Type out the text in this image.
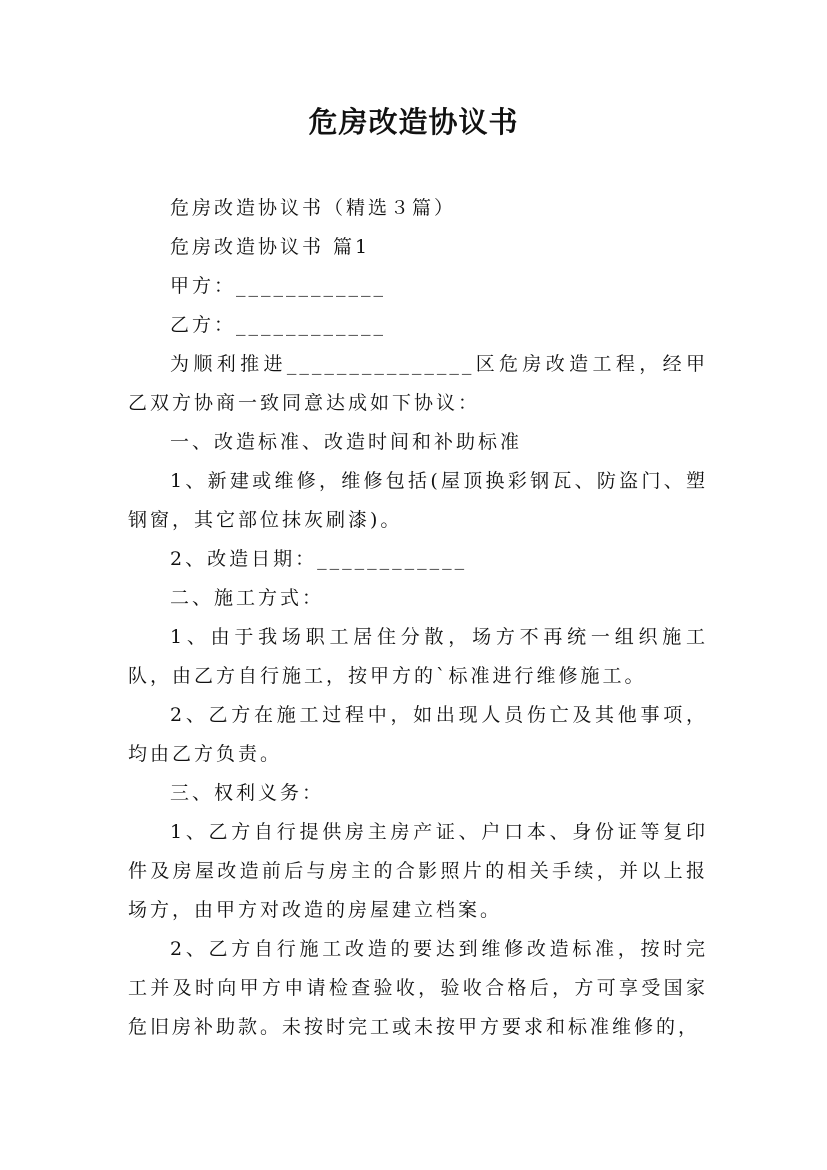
危房改造协议书

危房改造协议书（精选３篇）

危房改造协议书 篇1

甲方：____________

乙方：____________

为顺利推进_______________区危房改造工程，经甲乙双方协商一致同意达成如下协议：

一、改造标准、改造时间和补助标准

1、新建或维修，维修包括(屋顶换彩钢瓦、防盗门、塑钢窗，其它部位抹灰刷漆)。

2、改造日期：____________

二、施工方式：

1、由于我场职工居住分散，场方不再统一组织施工队，由乙方自行施工，按甲方的`标准进行维修施工。

2、乙方在施工过程中，如出现人员伤亡及其他事项，均由乙方负责。

三、权利义务：

1、乙方自行提供房主房产证、户口本、身份证等复印件及房屋改造前后与房主的合影照片的相关手续，并以上报场方，由甲方对改造的房屋建立档案。

2、乙方自行施工改造的要达到维修改造标准，按时完工并及时向甲方申请检查验收，验收合格后，方可享受国家危旧房补助款。未按时完工或未按甲方要求和标准维修的，
